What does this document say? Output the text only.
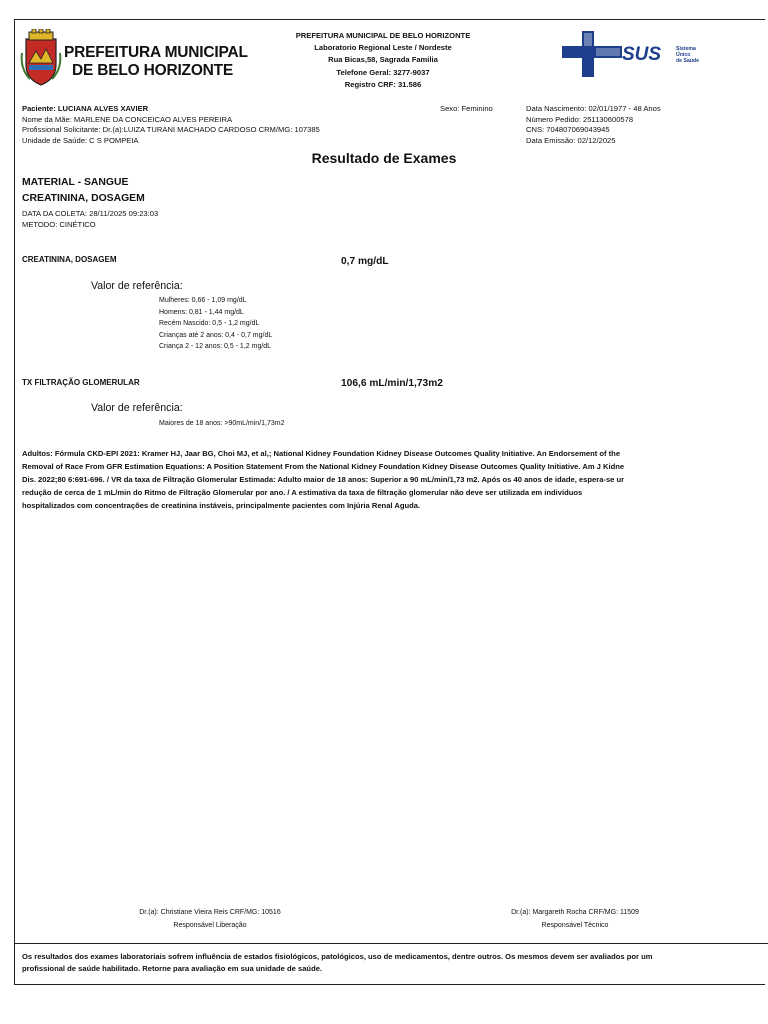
PREFEITURA MUNICIPAL
DE BELO HORIZONTE
PREFEITURA MUNICIPAL DE BELO HORIZONTE
Laboratorio Regional Leste / Nordeste
Rua Bicas,58, Sagrada Familia
Telefone Geral: 3277-9037
Registro CRF: 31.586
SUS	Sistema
Único
de Saúde
Paciente: LUCIANA ALVES XAVIER
Nome da Mãe: MARLENE DA CONCEICAO ALVES PEREIRA
Profissional Solicitante: Dr.(a):LUIZA TURANI MACHADO CARDOSO CRM/MG: 107385
Unidade de Saúde: C S POMPEIA
Sexo: Feminino	Data Nascimento: 02/01/1977 - 48 Anos
Número Pedido: 251130600578
CNS: 704807069043945
Data Emissão: 02/12/2025
Resultado de Exames
MATERIAL - SANGUE
CREATININA, DOSAGEM
DATA DA COLETA: 28/11/2025 09:23:03
METODO: CINÉTICO
CREATININA, DOSAGEM	0,7 mg/dL
Valor de referência:
Mulheres: 0,66 - 1,09 mg/dL
Homens: 0,81 - 1,44 mg/dL
Recém Nascido: 0,5 - 1,2 mg/dL
Crianças até 2 anos: 0,4 - 0,7 mg/dL
Criança 2 - 12 anos: 0,5 - 1,2 mg/dL
TX FILTRAÇÃO GLOMERULAR	106,6 mL/min/1,73m2
Valor de referência:
Maiores de 18 anos: >90mL/min/1,73m2
Adultos: Fórmula CKD-EPI 2021: Kramer HJ, Jaar BG, Choi MJ, et al,; National Kidney Foundation Kidney Disease Outcomes Quality Initiative. An Endorsement of the
Removal of Race From GFR Estimation Equations: A Position Statement From the National Kidney Foundation Kidney Disease Outcomes Quality Initiative. Am J Kidne
Dis. 2022;80 6:691-696. / VR da taxa de Filtração Glomerular Estimada: Adulto maior de 18 anos: Superior a 90 mL/min/1,73 m2. Após os 40 anos de idade, espera-se ur
redução de cerca de 1 mL/min do Ritmo de Filtração Glomerular por ano. / A estimativa da taxa de filtração glomerular não deve ser utilizada em indivíduos
hospitalizados com concentrações de creatinina instáveis, principalmente pacientes com Injúria Renal Aguda.
Dr.(a): Christiane Vieira Reis CRF/MG: 10516
Responsável Liberação
Dr.(a): Margareth Rocha CRF/MG: 11509
Responsável Técnico
Os resultados dos exames laboratoriais sofrem influência de estados fisiológicos, patológicos, uso de medicamentos, dentre outros. Os mesmos devem ser avaliados por um
profissional de saúde habilitado. Retorne para avaliação em sua unidade de saúde.
